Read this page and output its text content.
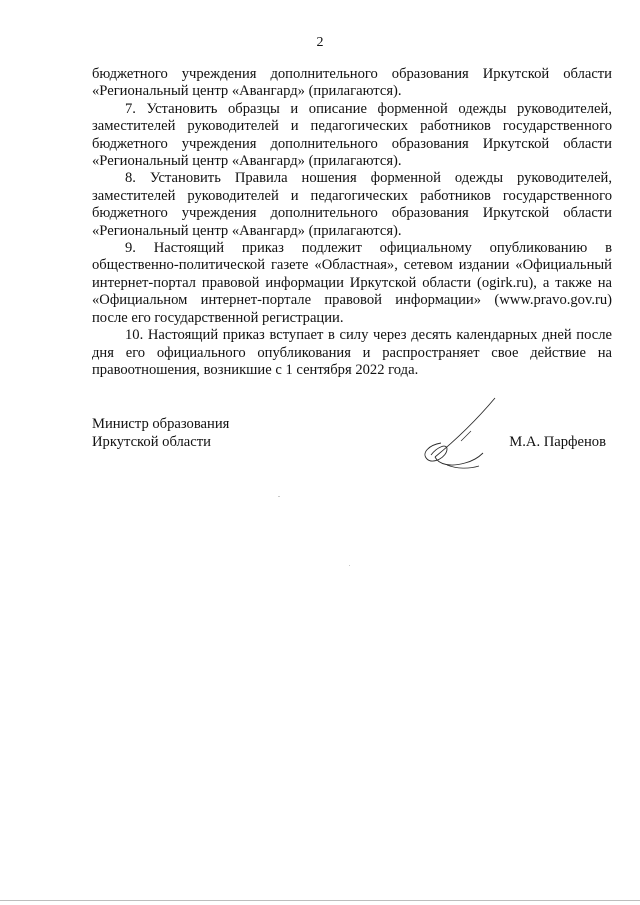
2

бюджетного учреждения дополнительного образования Иркутской области «Региональный центр «Авангард» (прилагаются).

7. Установить образцы и описание форменной одежды руководителей, заместителей руководителей и педагогических работников государственного бюджетного учреждения дополнительного образования Иркутской области «Региональный центр «Авангард» (прилагаются).

8. Установить Правила ношения форменной одежды руководителей, заместителей руководителей и педагогических работников государственного бюджетного учреждения дополнительного образования Иркутской области «Региональный центр «Авангард» (прилагаются).

9. Настоящий приказ подлежит официальному опубликованию в общественно-политической газете «Областная», сетевом издании «Официальный интернет-портал правовой информации Иркутской области (ogirk.ru), а также на «Официальном интернет-портале правовой информации» (www.pravo.gov.ru) после его государственной регистрации.

10. Настоящий приказ вступает в силу через десять календарных дней после дня его официального опубликования и распространяет свое действие на правоотношения, возникшие с 1 сентября 2022 года.

Министр образования
Иркутской области	М.А. Парфенов
